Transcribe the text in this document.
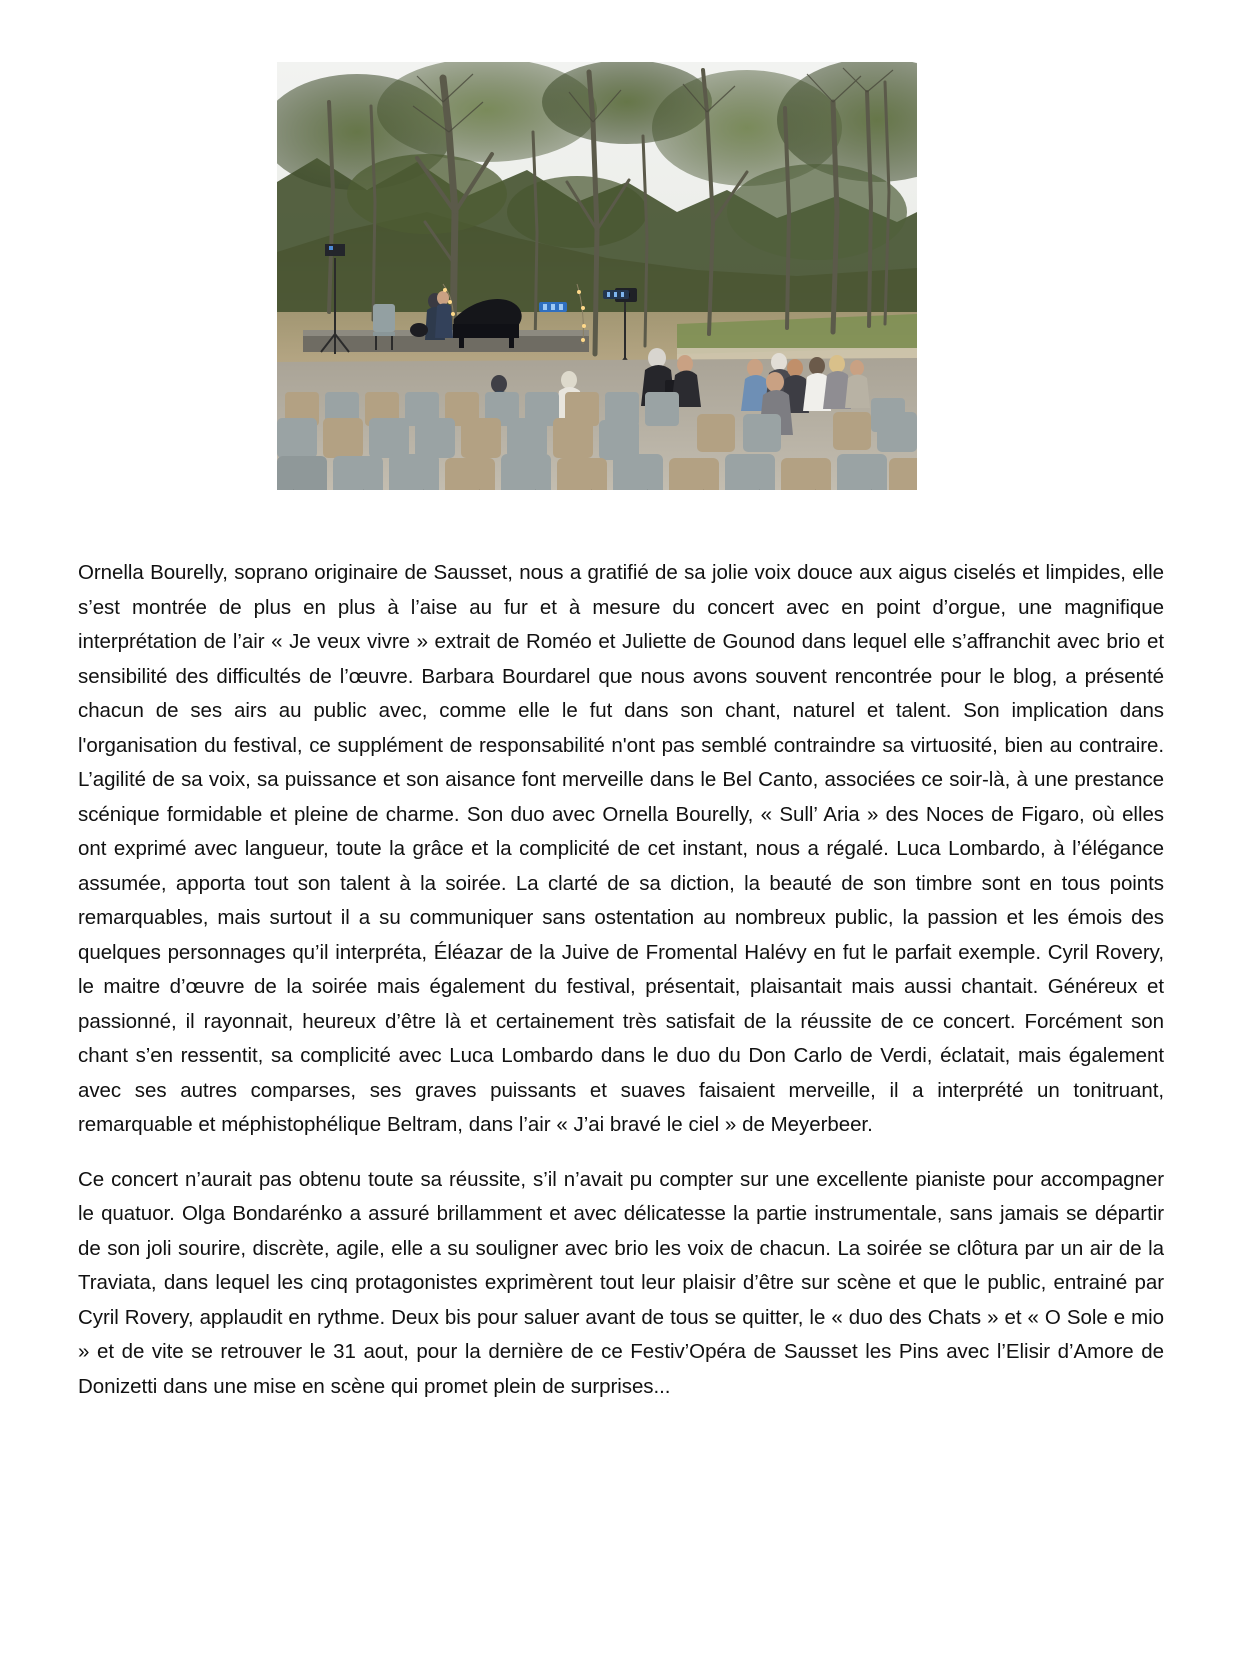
Ornella Bourelly, soprano originaire de Sausset, nous a gratifié de sa jolie voix douce aux aigus ciselés et limpides, elle s’est montrée de plus en plus à l’aise au fur et à mesure du concert avec en point d’orgue, une magnifique interprétation de l’air « Je veux vivre » extrait de Roméo et Juliette de Gounod dans lequel elle s’affranchit avec brio et sensibilité des difficultés de l’œuvre. Barbara Bourdarel que nous avons souvent rencontrée pour le blog, a présenté chacun de ses airs au public avec, comme elle le fut dans son chant, naturel et talent. Son implication dans l'organisation du festival, ce supplément de responsabilité n'ont pas semblé contraindre sa virtuosité, bien au contraire. L’agilité de sa voix, sa puissance et son aisance font merveille dans le Bel Canto, associées ce soir-là, à une prestance scénique formidable et pleine de charme. Son duo avec Ornella Bourelly, « Sull’ Aria » des Noces de Figaro, où elles ont exprimé avec langueur, toute la grâce et la complicité de cet instant, nous a régalé. Luca Lombardo, à l’élégance assumée, apporta tout son talent à la soirée. La clarté de sa diction, la beauté de son timbre sont en tous points remarquables, mais surtout il a su communiquer sans ostentation au nombreux public, la passion et les émois des quelques personnages qu’il interpréta, Éléazar de la Juive de Fromental Halévy en fut le parfait exemple. Cyril Rovery, le maitre d’œuvre de la soirée mais également du festival, présentait, plaisantait mais aussi chantait. Généreux et passionné, il rayonnait, heureux d’être là et certainement très satisfait de la réussite de ce concert. Forcément son chant s’en ressentit, sa complicité avec Luca Lombardo dans le duo du Don Carlo de Verdi, éclatait, mais également avec ses autres comparses, ses graves puissants et suaves faisaient merveille, il a interprété un tonitruant, remarquable et méphistophélique Beltram, dans l’air « J’ai bravé le ciel » de Meyerbeer.

Ce concert n’aurait pas obtenu toute sa réussite, s’il n’avait pu compter sur une excellente pianiste pour accompagner le quatuor. Olga Bondarénko a assuré brillamment et avec délicatesse la partie instrumentale, sans jamais se départir de son joli sourire, discrète, agile, elle a su souligner avec brio les voix de chacun. La soirée se clôtura par un air de la Traviata, dans lequel les cinq protagonistes exprimèrent tout leur plaisir d’être sur scène et que le public, entrainé par Cyril Rovery, applaudit en rythme. Deux bis pour saluer avant de tous se quitter, le « duo des Chats » et « O Sole e mio » et de vite se retrouver le 31 aout, pour la dernière de ce Festiv’Opéra de Sausset les Pins avec l’Elisir d’Amore de Donizetti dans une mise en scène qui promet plein de surprises...
